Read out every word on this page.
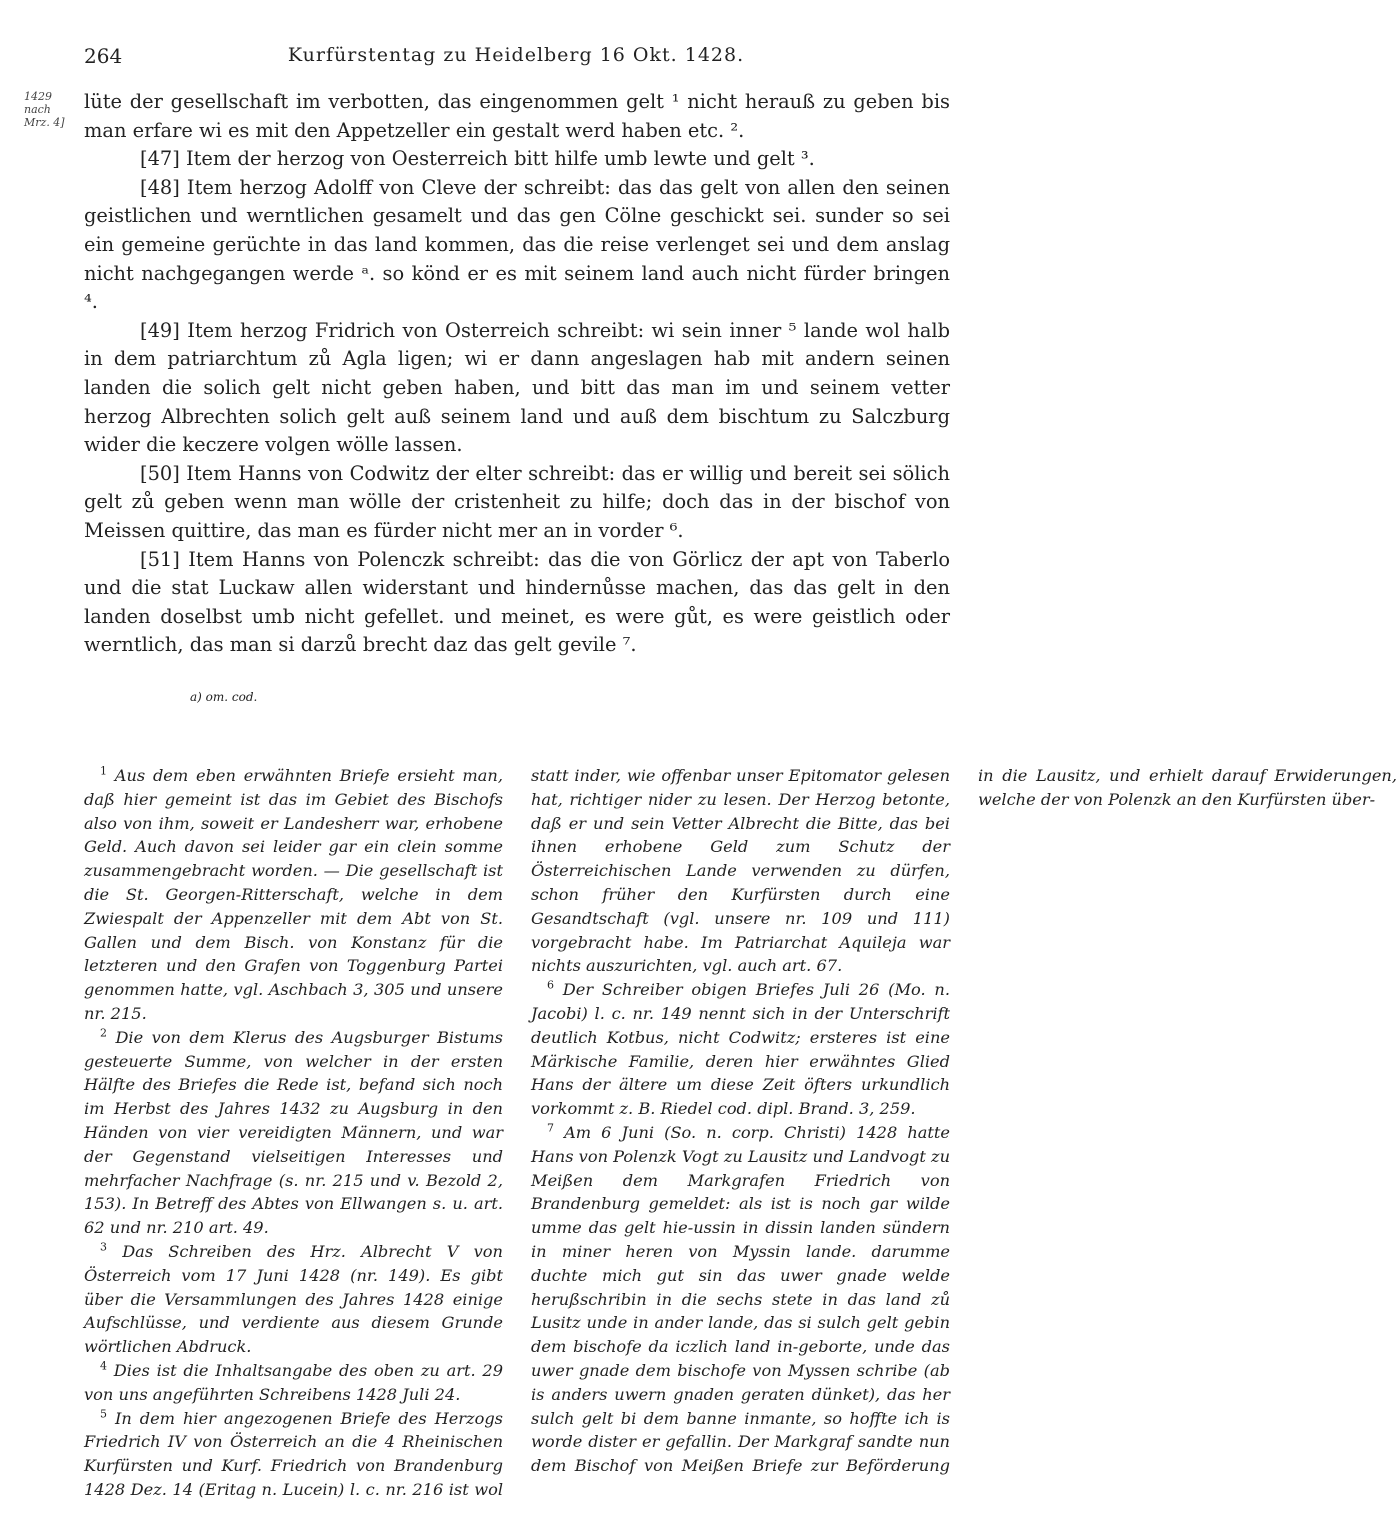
264	Kurfürstentag zu Heidelberg 16 Okt. 1428.
1429
nach
Mrz. 4]

lüte der gesellschaft im verbotten, das eingenommen gelt ¹ nicht herauß zu geben bis man erfare wi es mit den Appetzeller ein gestalt werd haben etc. ².

[47] Item der herzog von Oesterreich bitt hilfe umb lewte und gelt ³.

[48] Item herzog Adolff von Cleve der schreibt: das das gelt von allen den seinen geistlichen und werntlichen gesamelt und das gen Cölne geschickt sei. sunder so sei ein gemeine gerüchte in das land kommen, das die reise verlenget sei und dem anslag nicht nachgegangen werde ᵃ. so könd er es mit seinem land auch nicht fürder bringen ⁴.

[49] Item herzog Fridrich von Osterreich schreibt: wi sein inner ⁵ lande wol halb in dem patriarchtum zů Agla ligen; wi er dann angeslagen hab mit andern seinen landen die solich gelt nicht geben haben, und bitt das man im und seinem vetter herzog Albrechten solich gelt auß seinem land und auß dem bischtum zu Salczburg wider die keczere volgen wölle lassen.

[50] Item Hanns von Codwitz der elter schreibt: das er willig und bereit sei sölich gelt zů geben wenn man wölle der cristenheit zu hilfe; doch das in der bischof von Meissen quittire, das man es fürder nicht mer an in vorder ⁶.

[51] Item Hanns von Polenczk schreibt: das die von Görlicz der apt von Taberlo und die stat Luckaw allen widerstant und hindernůsse machen, das das gelt in den landen doselbst umb nicht gefellet. und meinet, es were gůt, es were geistlich oder werntlich, das man si darzů brecht daz das gelt gevile ⁷.

a) om. cod.

$^1$ Aus dem eben erwähnten Briefe ersieht man, daß hier gemeint ist das im Gebiet des Bischofs also von ihm, soweit er Landesherr war, erhobene Geld. Auch davon sei leider gar ein clein somme zusammengebracht worden. — Die gesellschaft ist die St. Georgen-Ritterschaft, welche in dem Zwiespalt der Appenzeller mit dem Abt von St. Gallen und dem Bisch. von Konstanz für die letzteren und den Grafen von Toggenburg Partei genommen hatte, vgl. Aschbach 3, 305 und unsere nr. 215.

$^2$ Die von dem Klerus des Augsburger Bistums gesteuerte Summe, von welcher in der ersten Hälfte des Briefes die Rede ist, befand sich noch im Herbst des Jahres 1432 zu Augsburg in den Händen von vier vereidigten Männern, und war der Gegenstand vielseitigen Interesses und mehrfacher Nachfrage (s. nr. 215 und v. Bezold 2, 153). In Betreff des Abtes von Ellwangen s. u. art. 62 und nr. 210 art. 49.

$^3$ Das Schreiben des Hrz. Albrecht V von Österreich vom 17 Juni 1428 (nr. 149). Es gibt über die Versammlungen des Jahres 1428 einige Aufschlüsse, und verdiente aus diesem Grunde wörtlichen Abdruck.

$^4$ Dies ist die Inhaltsangabe des oben zu art. 29 von uns angeführten Schreibens 1428 Juli 24.

$^5$ In dem hier angezogenen Briefe des Herzogs Friedrich IV von Österreich an die 4 Rheinischen Kurfürsten und Kurf. Friedrich von Brandenburg 1428 Dez. 14 (Eritag n. Lucein) l. c. nr. 216 ist wol statt inder, wie offenbar unser Epitomator gelesen hat, richtiger nider zu lesen. Der Herzog betonte, daß er und sein Vetter Albrecht die Bitte, das bei ihnen erhobene Geld zum Schutz der Österreichischen Lande verwenden zu dürfen, schon früher den Kurfürsten durch eine Gesandtschaft (vgl. unsere nr. 109 und 111) vorgebracht habe. Im Patriarchat Aquileja war nichts auszurichten, vgl. auch art. 67.

$^6$ Der Schreiber obigen Briefes Juli 26 (Mo. n. Jacobi) l. c. nr. 149 nennt sich in der Unterschrift deutlich Kotbus, nicht Codwitz; ersteres ist eine Märkische Familie, deren hier erwähntes Glied Hans der ältere um diese Zeit öfters urkundlich vorkommt z. B. Riedel cod. dipl. Brand. 3, 259.

$^7$ Am 6 Juni (So. n. corp. Christi) 1428 hatte Hans von Polenzk Vogt zu Lausitz und Landvogt zu Meißen dem Markgrafen Friedrich von Brandenburg gemeldet: als ist is noch gar wilde umme das gelt hie-ussin in dissin landen sündern in miner heren von Myssin lande. darumme duchte mich gut sin das uwer gnade welde herußschribin in die sechs stete in das land zů Lusitz unde in ander lande, das si sulch gelt gebin dem bischofe da iczlich land in-geborte, unde das uwer gnade dem bischofe von Myssen schribe (ab is anders uwern gnaden geraten dünket), das her sulch gelt bi dem banne inmante, so hoffte ich is worde dister er gefallin. Der Markgraf sandte nun dem Bischof von Meißen Briefe zur Beförderung in die Lausitz, und erhielt darauf Erwiderungen, welche der von Polenzk an den Kurfürsten über-
